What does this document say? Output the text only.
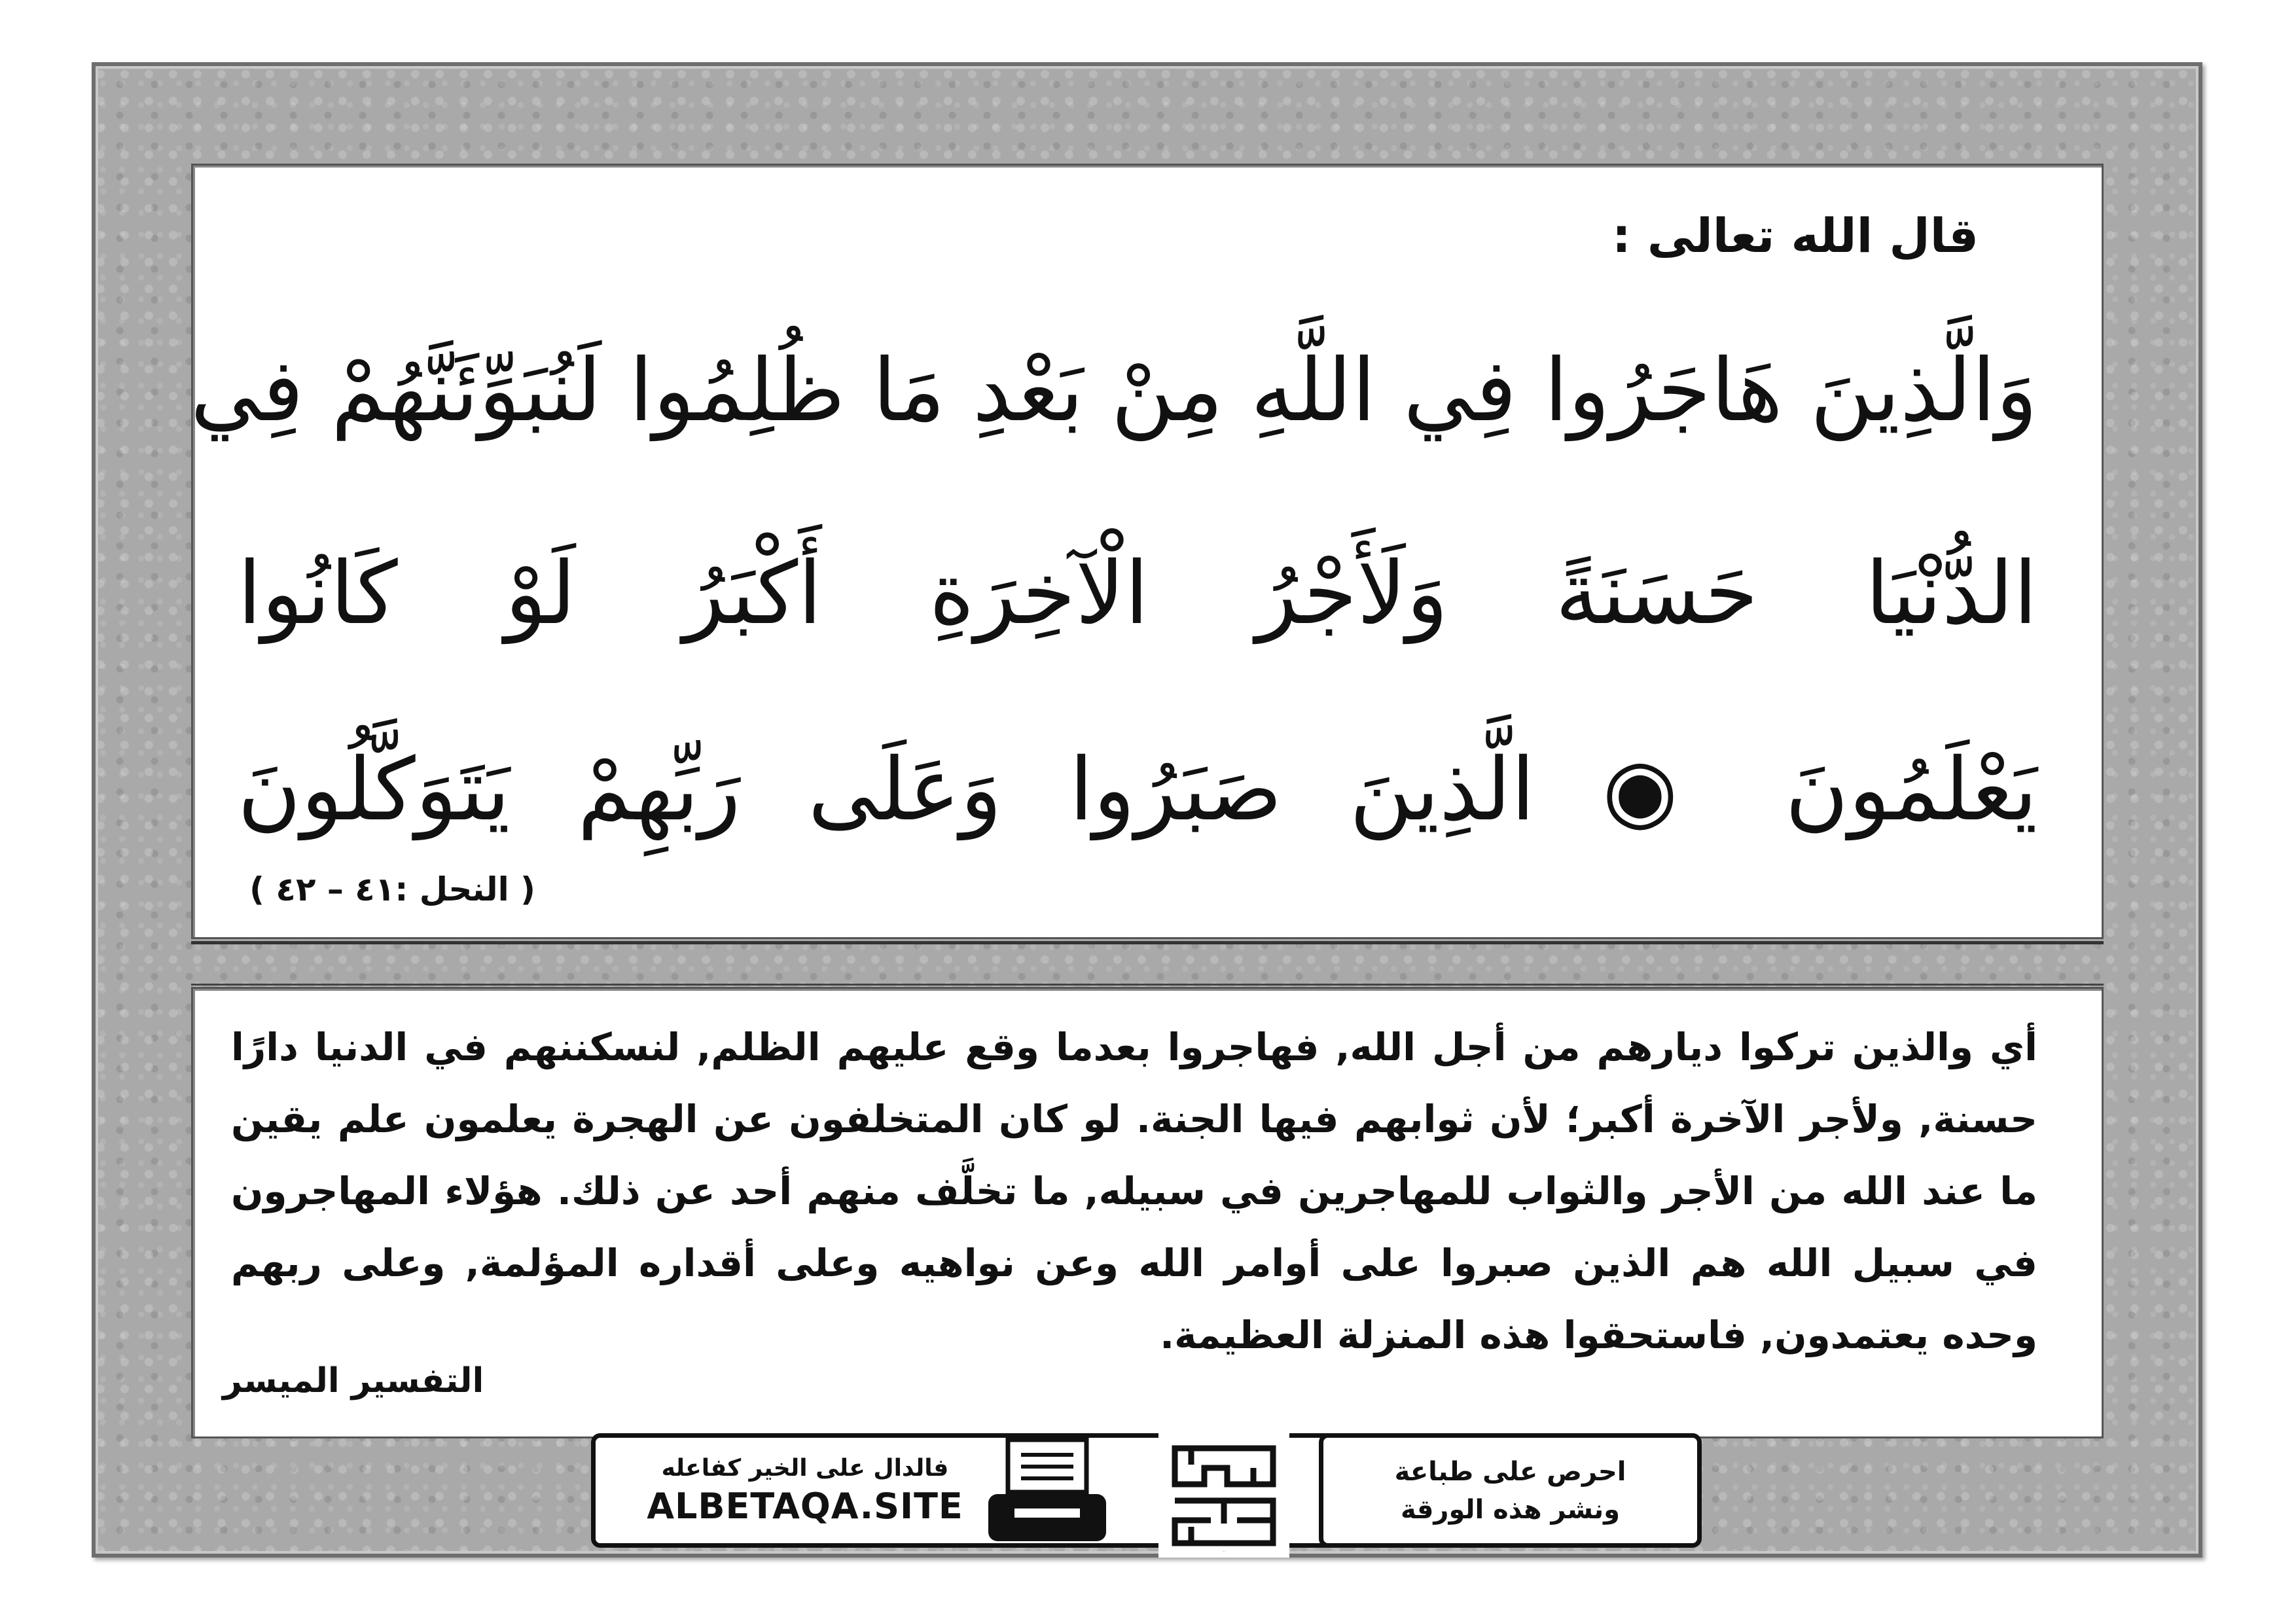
قال الله تعالى :
وَالَّذِينَ هَاجَرُوا فِي اللَّهِ مِنْ بَعْدِ مَا ظُلِمُوا لَنُبَوِّئَنَّهُمْ فِي
الدُّنْيَا حَسَنَةً وَلَأَجْرُ الْآخِرَةِ أَكْبَرُ لَوْ كَانُوا
يَعْلَمُونَ ◉ الَّذِينَ صَبَرُوا وَعَلَى رَبِّهِمْ يَتَوَكَّلُونَ
( النحل :٤١ – ٤٢ )
أي والذين تركوا ديارهم من أجل الله, فهاجروا بعدما وقع عليهم الظلم, لنسكننهم في الدنيا دارًا حسنة, ولأجر الآخرة أكبر؛ لأن ثوابهم فيها الجنة. لو كان المتخلفون عن الهجرة يعلمون علم يقين ما عند الله من الأجر والثواب للمهاجرين في سبيله, ما تخلَّف منهم أحد عن ذلك. هؤلاء المهاجرون في سبيل الله هم الذين صبروا على أوامر الله وعن نواهيه وعلى أقداره المؤلمة, وعلى ربهم وحده يعتمدون, فاستحقوا هذه المنزلة العظيمة.
التفسير الميسر
فالدال على الخير كفاعله
ALBETAQA.SITE
دعوة الورقة
احرص على طباعة
ونشر هذه الورقة
